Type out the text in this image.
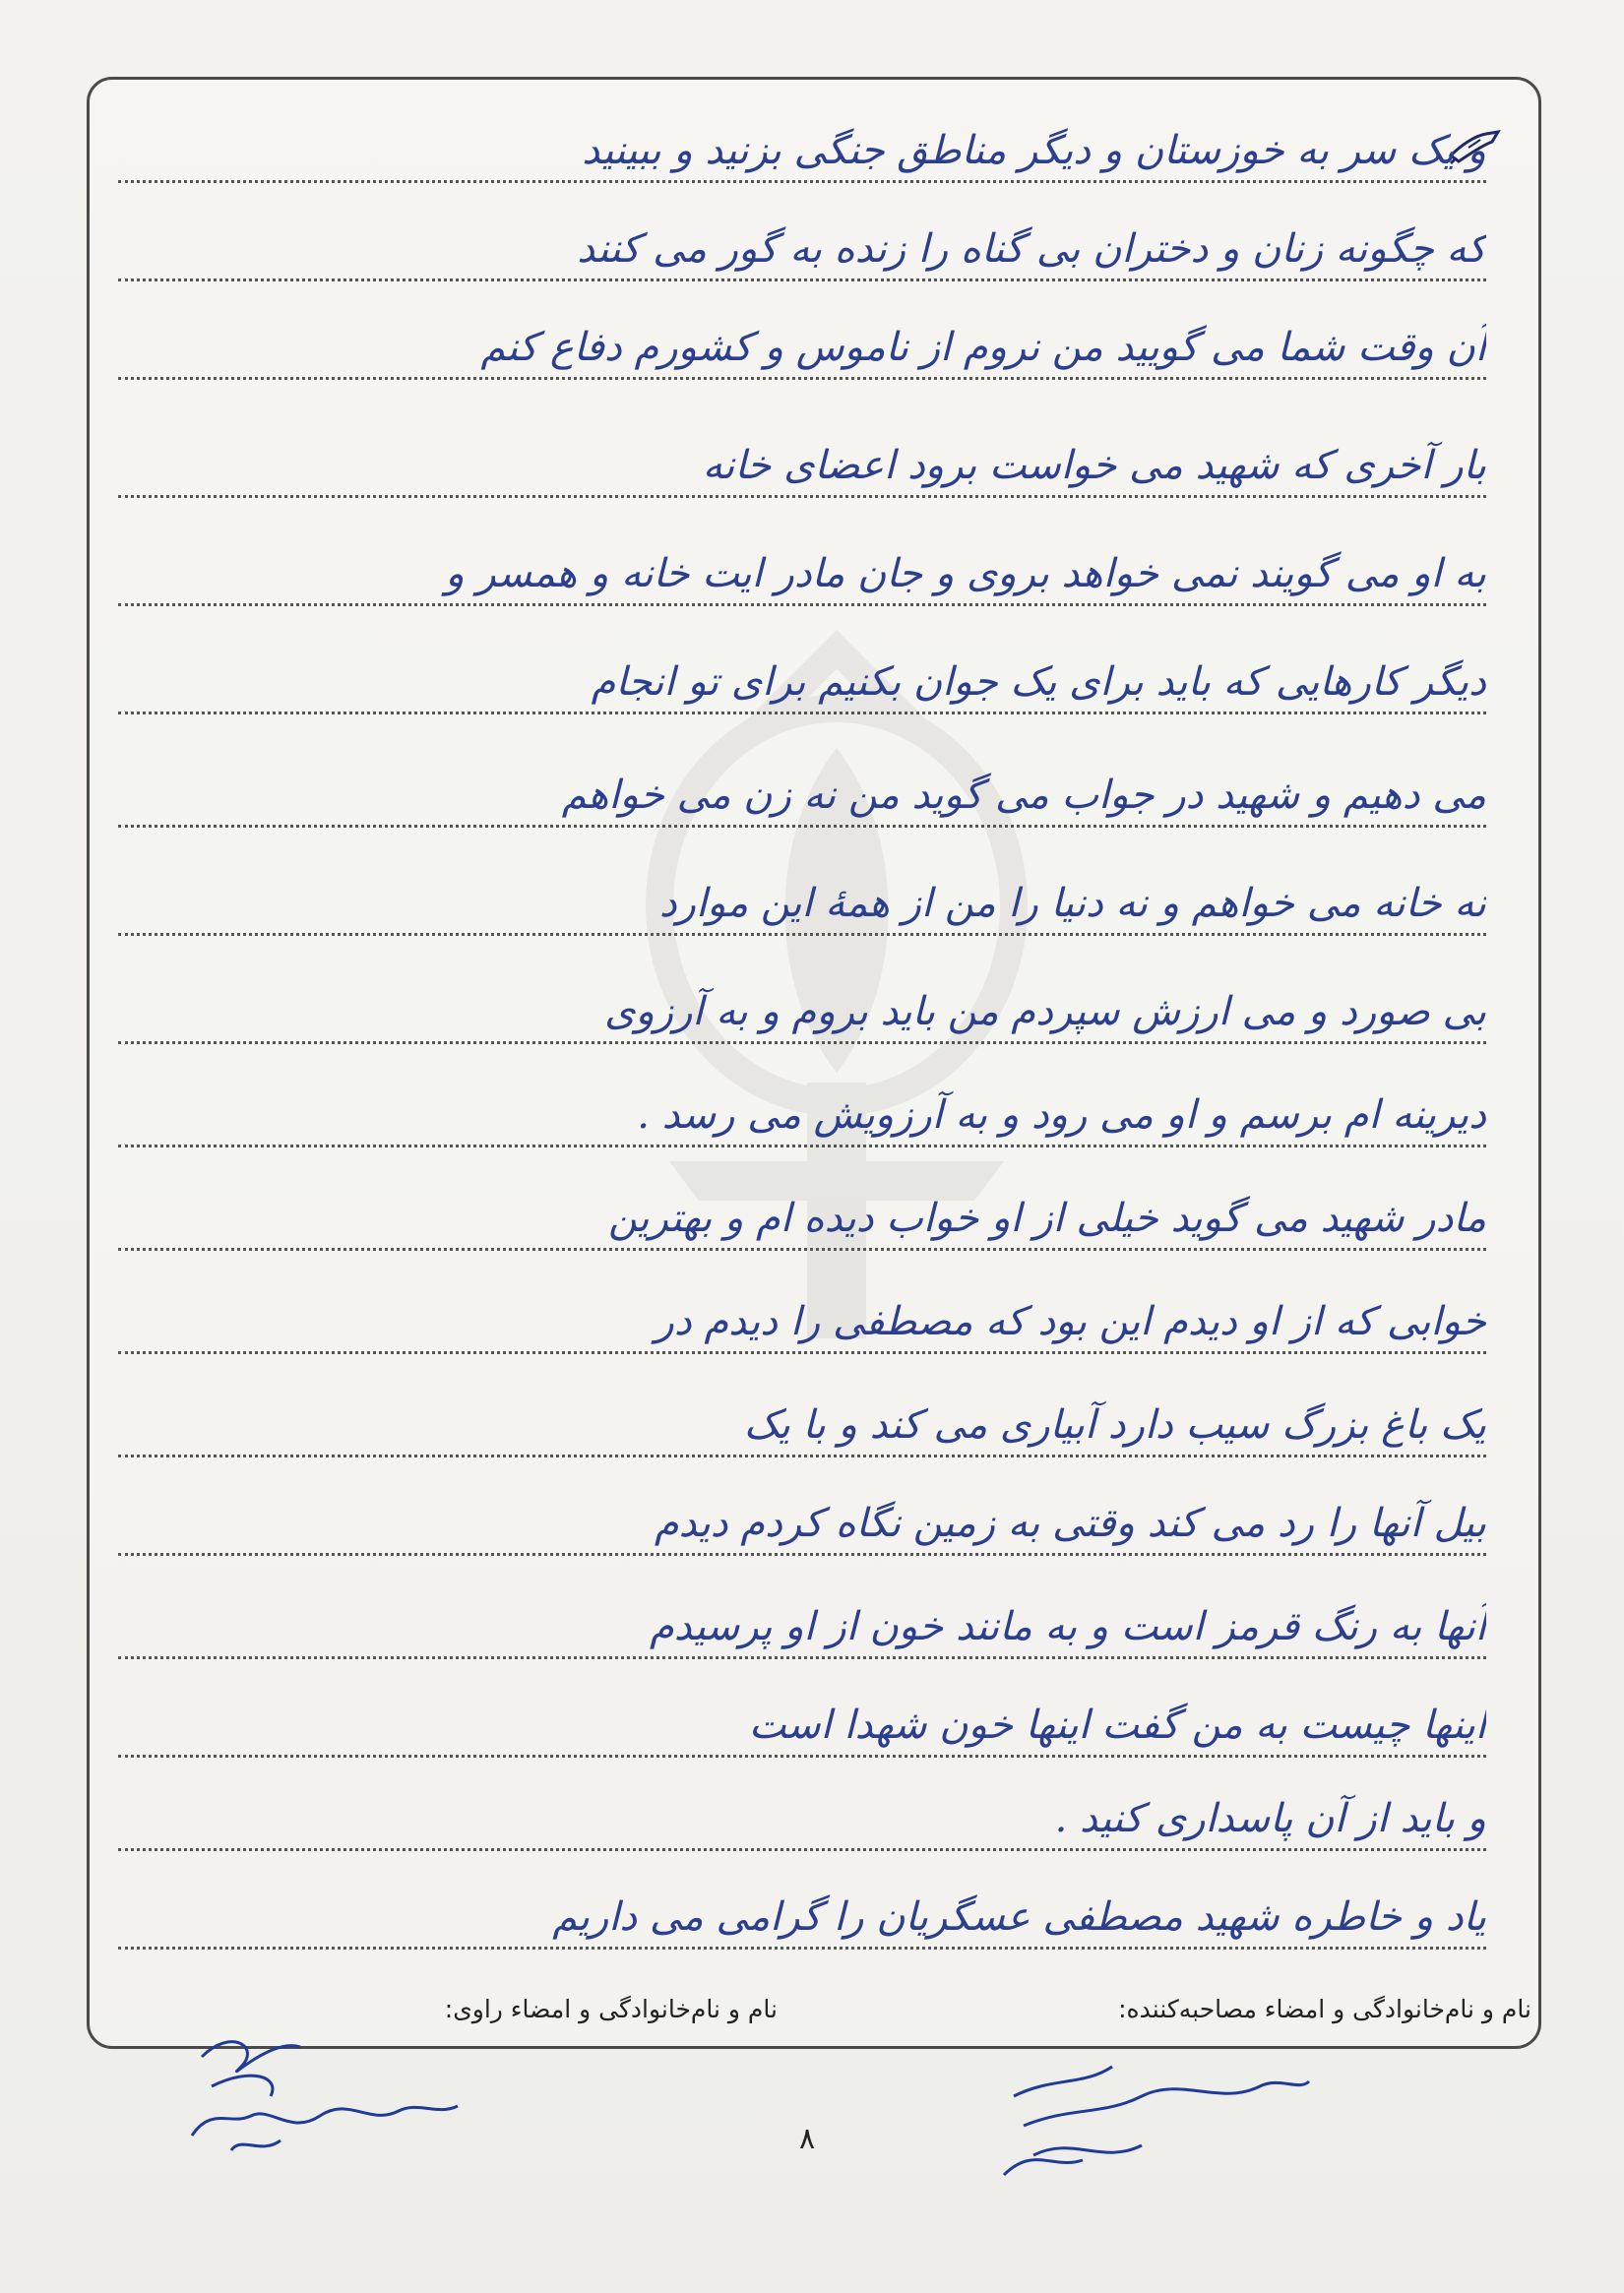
و یک سر به خوزستان و دیگر مناطق جنگی بزنید و ببینید
که چگونه زنان و دختران بی گناه را زنده به گور می کنند
آن وقت شما می گویید من نروم از ناموس و کشورم دفاع کنم
بار آخری که شهید می خواست برود اعضای خانه
به او می گویند نمی خواهد بروی و جان مادر ایت خانه و همسر و
دیگر کارهایی که باید برای یک جوان بکنیم برای تو انجام
می دهیم و شهید در جواب می گوید من نه زن می خواهم
نه خانه می خواهم و نه دنیا را من از همهٔ این موارد
بی صورد و می ارزش سپردم من باید بروم و به آرزوی
دیرینه ام برسم و او می رود و به آرزویش می رسد .
مادر شهید می گوید خیلی از او خواب دیده ام و بهترین
خوابی که از او دیدم این بود که مصطفی را دیدم در
یک باغ بزرگ سیب دارد آبیاری می کند و با یک
بیل آنها را رد می کند وقتی به زمین نگاه کردم دیدم
آنها به رنگ قرمز است و به مانند خون از او پرسیدم
اینها چیست به من گفت اینها خون شهدا است
و باید از آن پاسداری کنید .
یاد و خاطره شهید مصطفی عسگریان را گرامی می داریم
نام و نام‌خانوادگی و امضاء مصاحبه‌کننده:
نام و نام‌خانوادگی و امضاء راوی:
۸
